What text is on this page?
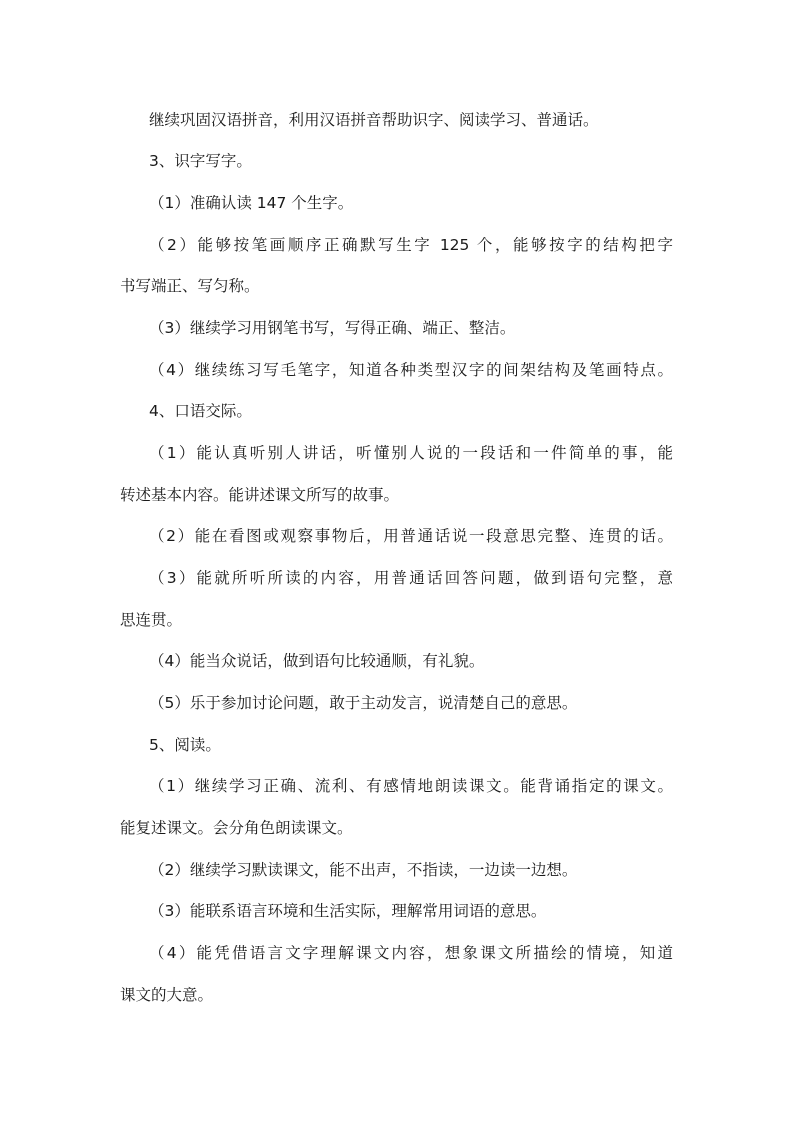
继续巩固汉语拼音，利用汉语拼音帮助识字、阅读学习、普通话。
3、识字写字。
（1）准确认读 147 个生字。
（2）能够按笔画顺序正确默写生字 125 个，能够按字的结构把字
书写端正、写匀称。
（3）继续学习用钢笔书写，写得正确、端正、整洁。
（4）继续练习写毛笔字，知道各种类型汉字的间架结构及笔画特点。
4、口语交际。
（1）能认真听别人讲话，听懂别人说的一段话和一件简单的事，能
转述基本内容。能讲述课文所写的故事。
（2）能在看图或观察事物后，用普通话说一段意思完整、连贯的话。
（3）能就所听所读的内容，用普通话回答问题，做到语句完整，意
思连贯。
（4）能当众说话，做到语句比较通顺，有礼貌。
（5）乐于参加讨论问题，敢于主动发言，说清楚自己的意思。
5、阅读。
（1）继续学习正确、流利、有感情地朗读课文。能背诵指定的课文。
能复述课文。会分角色朗读课文。
（2）继续学习默读课文，能不出声，不指读，一边读一边想。
（3）能联系语言环境和生活实际，理解常用词语的意思。
（4）能凭借语言文字理解课文内容，想象课文所描绘的情境，知道
课文的大意。
